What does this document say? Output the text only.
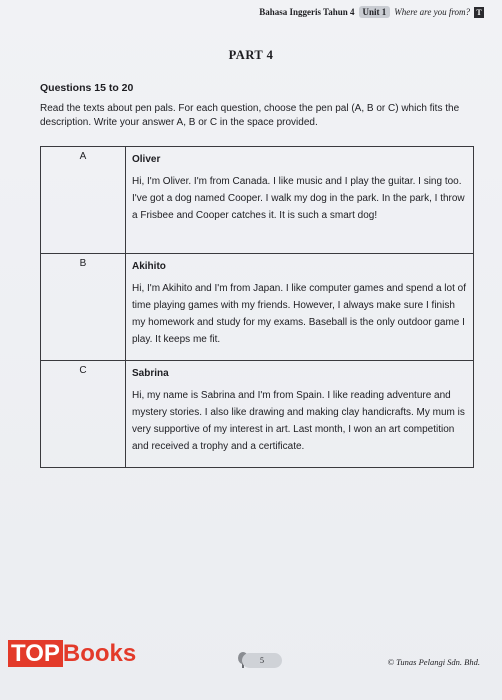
Bahasa Inggeris Tahun 4 Unit 1 Where are you from? T
PART 4
Questions 15 to 20
Read the texts about pen pals. For each question, choose the pen pal (A, B or C) which fits the description. Write your answer A, B or C in the space provided.
A	Oliver
Hi, I'm Oliver. I'm from Canada. I like music and I play the guitar. I sing too. I've got a dog named Cooper. I walk my dog in the park. In the park, I throw a Frisbee and Cooper catches it. It is such a smart dog!

B	Akihito
Hi, I'm Akihito and I'm from Japan. I like computer games and spend a lot of time playing games with my friends. However, I always make sure I finish my homework and study for my exams. Baseball is the only outdoor game I play. It keeps me fit.

C	Sabrina
Hi, my name is Sabrina and I'm from Spain. I like reading adventure and mystery stories. I also like drawing and making clay handicrafts. My mum is very supportive of my interest in art. Last month, I won an art competition and received a trophy and a certificate.
TOP Books	5	© Tunas Pelangi Sdn. Bhd.
